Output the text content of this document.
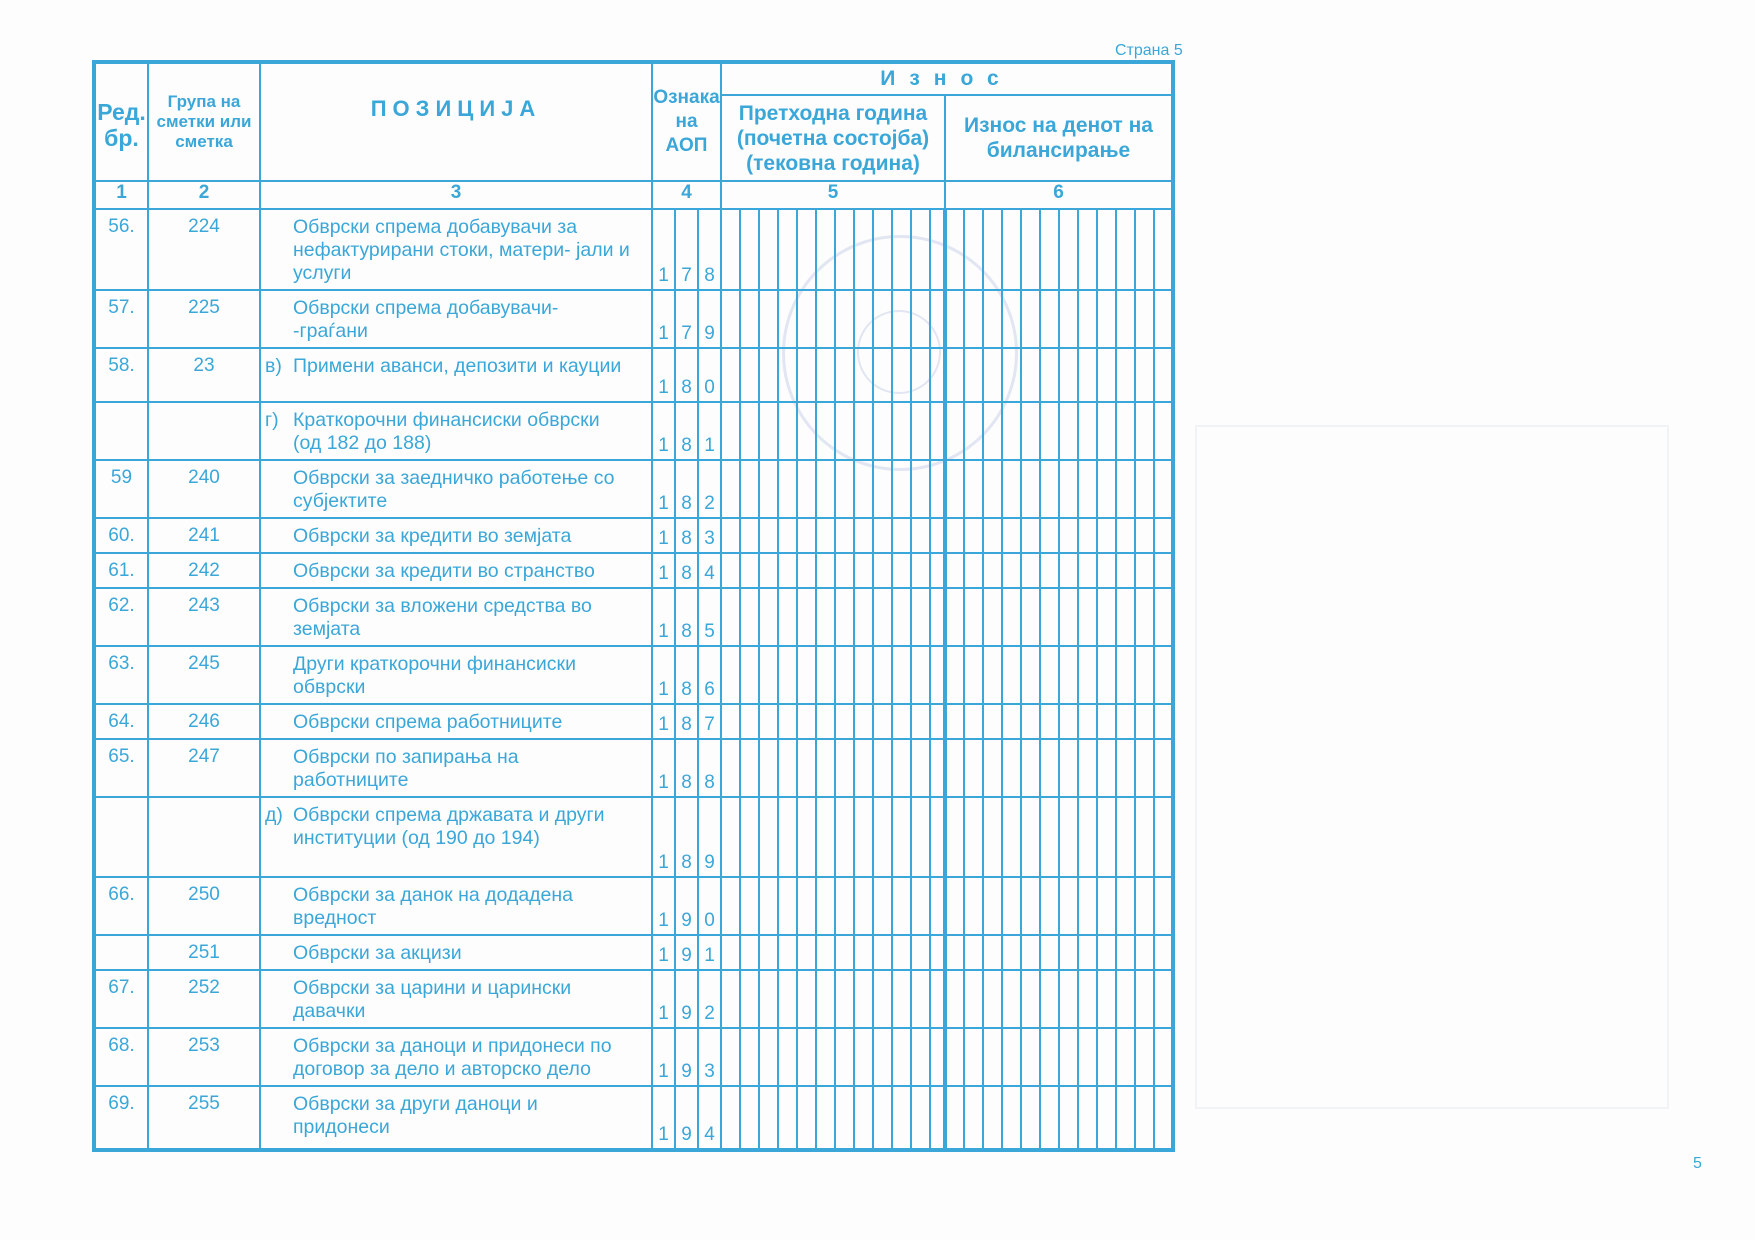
Страна 5
Ред. бр.	Група на сметки или сметка	ПОЗИЦИЈА	Ознака на АОП			Износ																							
						Претходна година (почетна состојба) (тековна година)												Износ на денот на билансирање											
1	2	3	4			5												6											
56.	224	Обврски спрема добавувачи за нефактурирани стоки, матери- јали и услуги	1	7	8																								
57.	225	Обврски спрема добавувачи- -граѓани	1	7	9																								
58.	23	в) Примени аванси, депозити и кауции	1	8	0																								
		г) Краткорочни финансиски обврски (од 182 до 188)	1	8	1																								
59	240	Обврски за заедничко работење со субјектите	1	8	2																								
60.	241	Обврски за кредити во земјата	1	8	3																								
61.	242	Обврски за кредити во странство	1	8	4																								
62.	243	Обврски за вложени средства во земјата	1	8	5																								
63.	245	Други краткорочни финансиски обврски	1	8	6																								
64.	246	Обврски спрема работниците	1	8	7																								
65.	247	Обврски по запирања на работниците	1	8	8																								
		д) Обврски спрема државата и други институции (од 190 до 194)	1	8	9																								
66.	250	Обврски за данок на додадена вредност	1	9	0																								
	251	Обврски за акцизи	1	9	1																								
67.	252	Обврски за царини и царински давачки	1	9	2																								
68.	253	Обврски за даноци и придонеси по договор за дело и авторско дело	1	9	3																								
69.	255	Обврски за други даноци и придонеси	1	9	4																								
5
